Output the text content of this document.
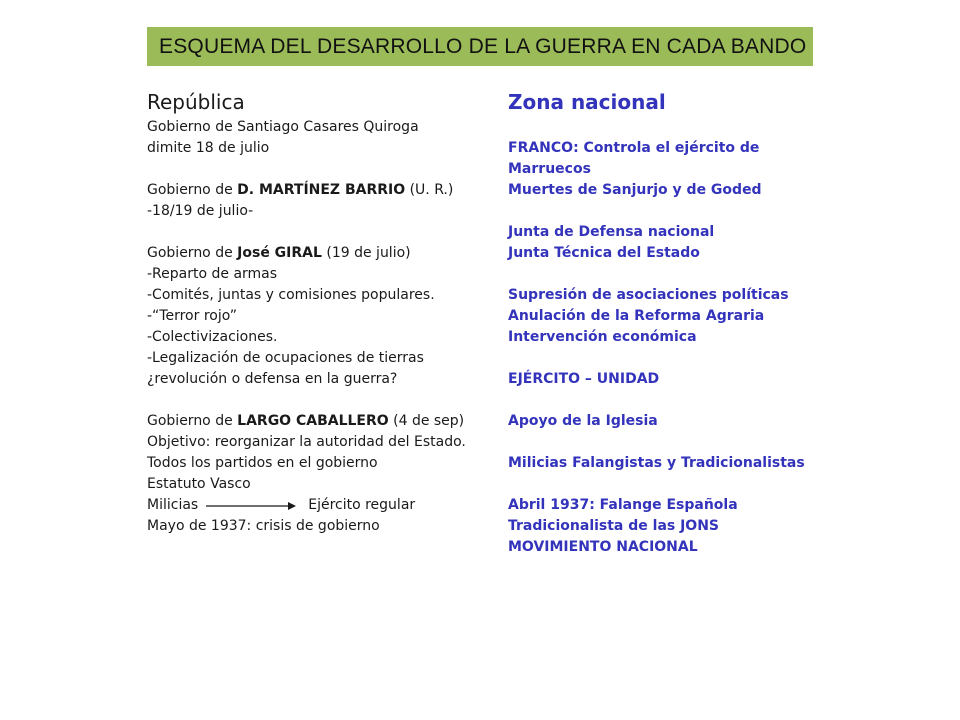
ESQUEMA DEL DESARROLLO DE LA GUERRA EN CADA BANDO
República
Gobierno de Santiago Casares Quiroga
dimite 18 de julio
Gobierno de D. MARTÍNEZ BARRIO (U. R.)
-18/19 de julio-
Gobierno de José GIRAL (19 de julio)
-Reparto de armas
-Comités, juntas y comisiones populares.
-“Terror rojo”
-Colectivizaciones.
-Legalización de ocupaciones de tierras
¿revolución o defensa en la guerra?
Gobierno de LARGO CABALLERO (4 de sep)
Objetivo: reorganizar la autoridad del Estado.
Todos los partidos en el gobierno
Estatuto Vasco
Milicias	Ejército regular
Mayo de 1937: crisis de gobierno
Zona nacional
FRANCO: Controla el ejército de
Marruecos
Muertes de Sanjurjo y de Goded
Junta de Defensa nacional
Junta Técnica del Estado
Supresión de asociaciones políticas
Anulación de la Reforma Agraria
Intervención económica
EJÉRCITO – UNIDAD
Apoyo de la Iglesia
Milicias Falangistas y Tradicionalistas
Abril 1937: Falange Española
Tradicionalista de las JONS
MOVIMIENTO NACIONAL
